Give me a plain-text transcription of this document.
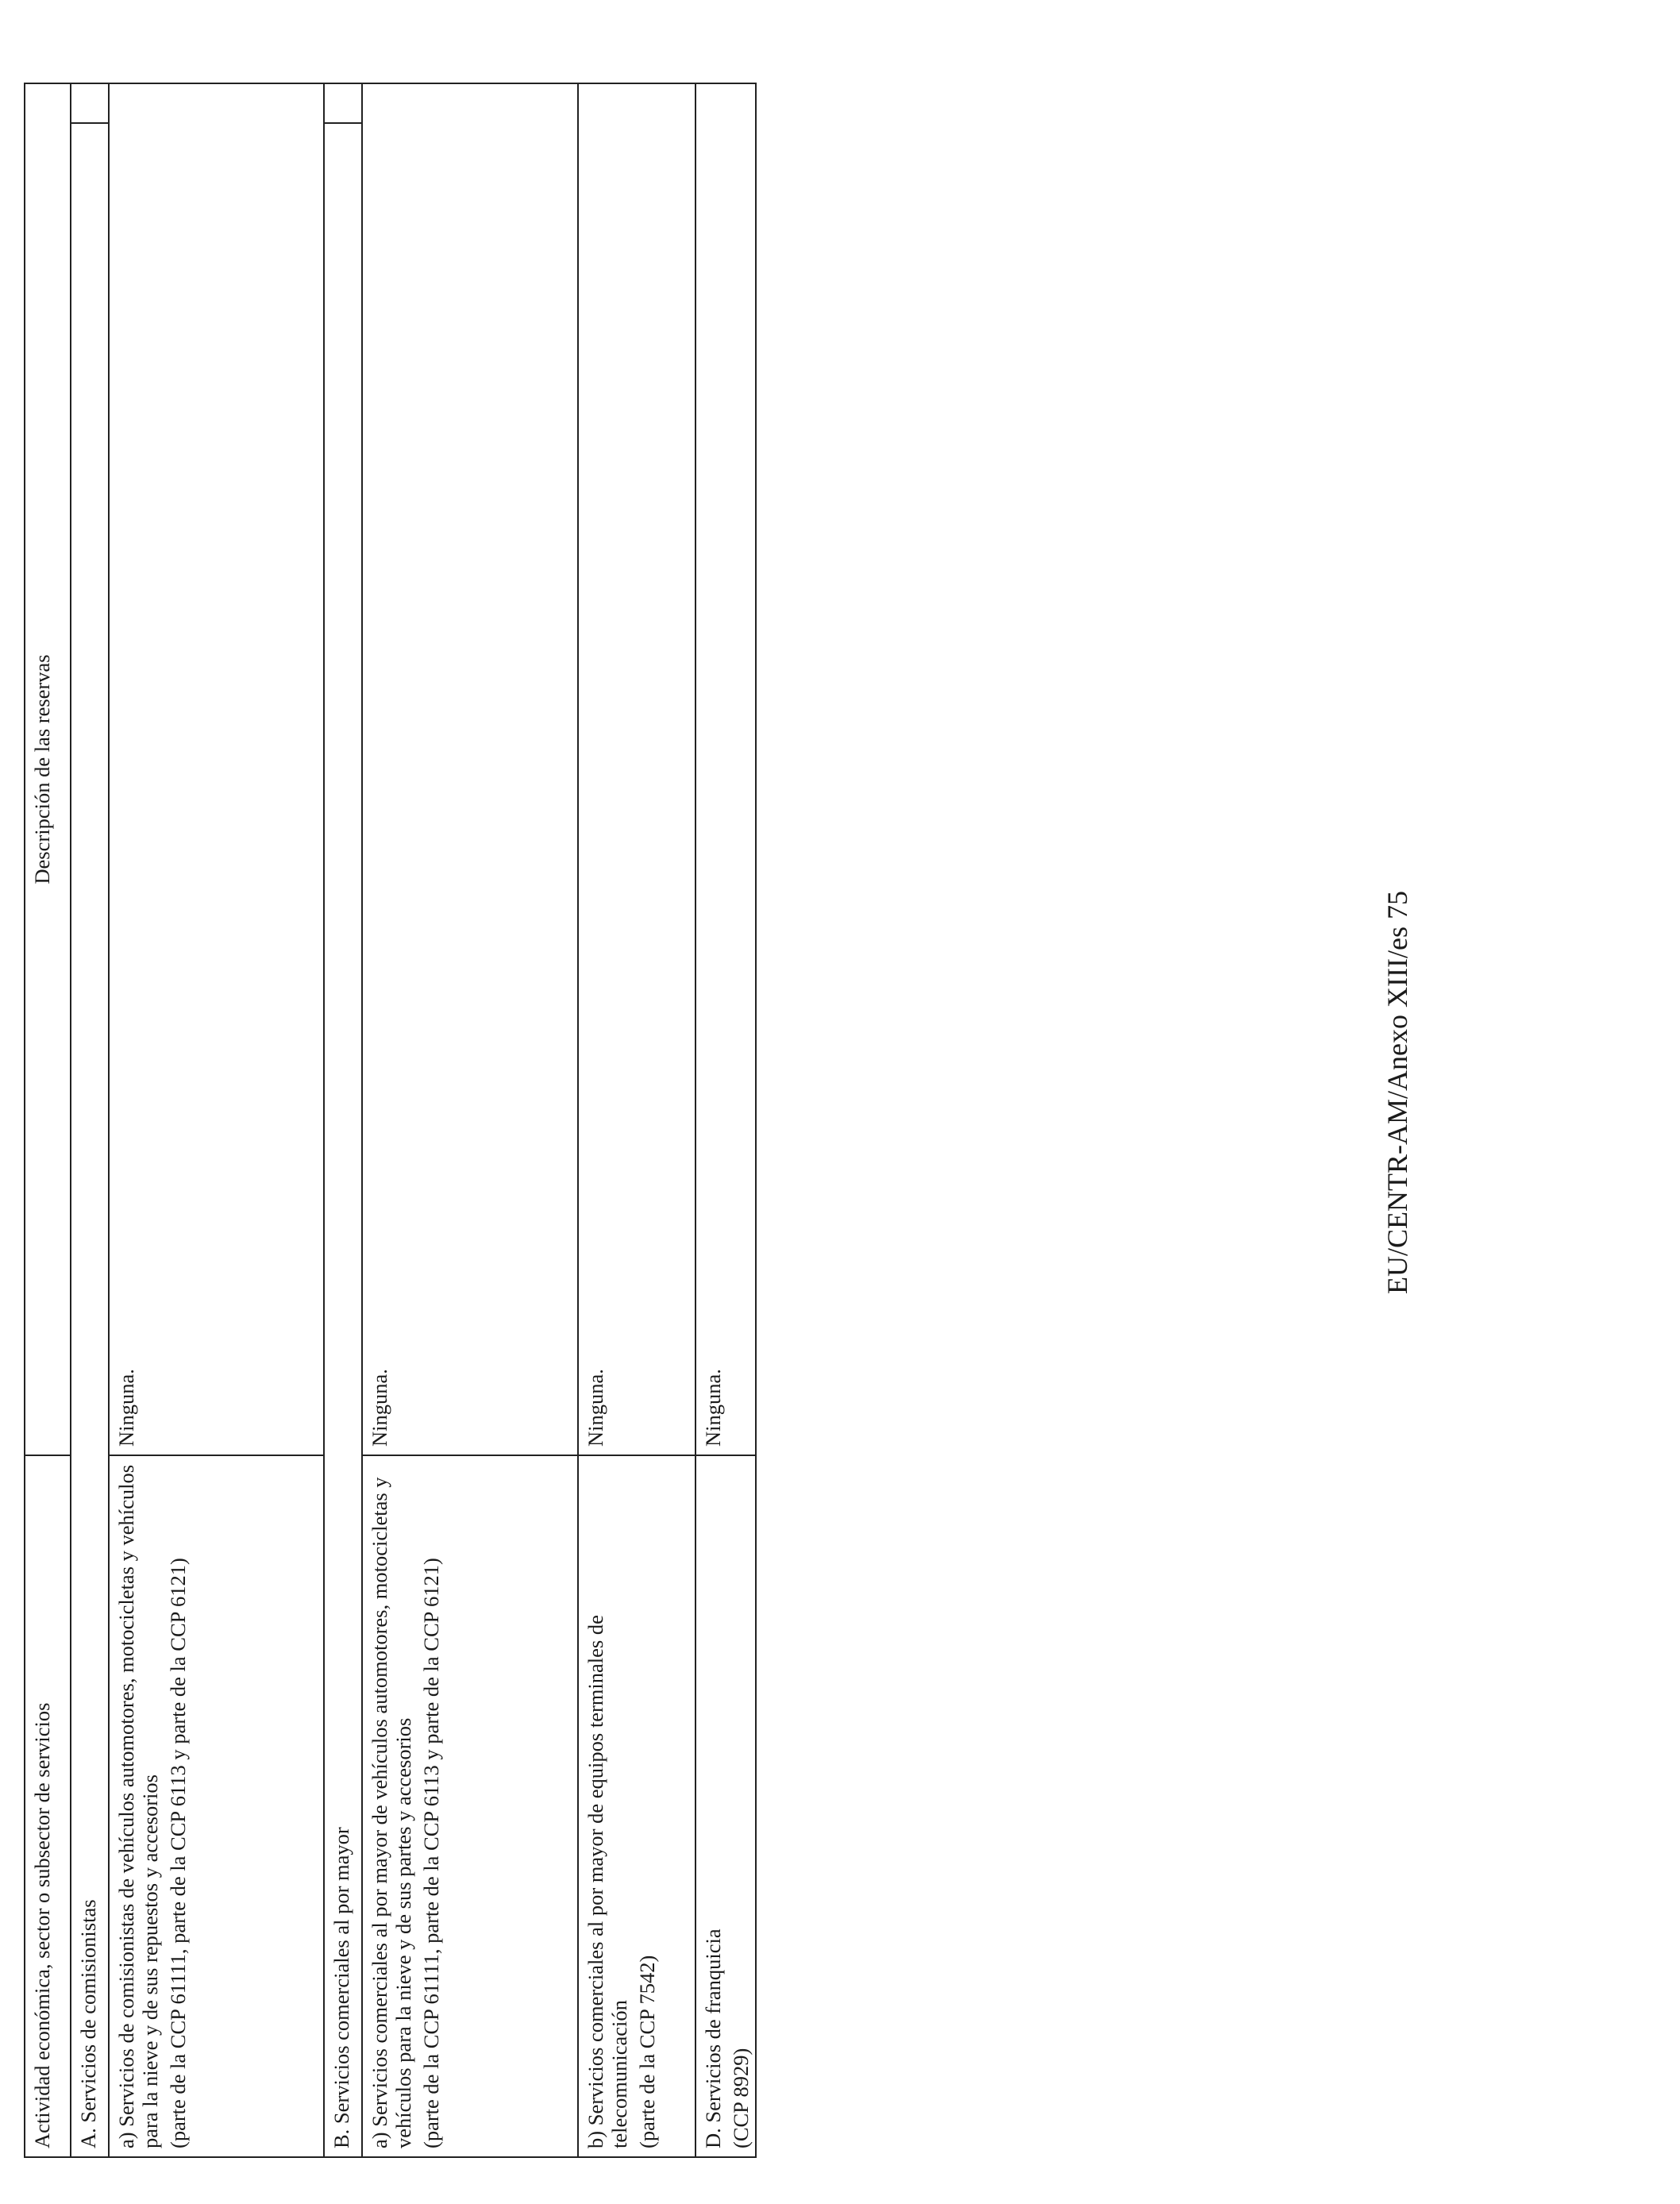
Actividad económica, sector o subsector de servicios

Descripción de las reservas

A. Servicios de comisionistas a) Servicios de comisionistas de vehículos automotores, motocicletas y vehículos para la nieve y de sus repuestos y accesorios (parte de la CCP 61111, parte de la CCP 6113 y parte de la CCP 6121)

Ninguna.

B. Servicios comerciales al por mayor a) Servicios comerciales al por mayor de vehículos automotores, motocicletas y vehículos para la nieve y de sus partes y accesorios (parte de la CCP 61111, parte de la CCP 6113 y parte de la CCP 6121)

Ninguna.

b) Servicios comerciales al por mayor de equipos terminales de telecomunicación (parte de la CCP 7542)

Ninguna.

D. Servicios de franquicia (CCP 8929)

Ninguna.

EU/CENTR-AM/Anexo XIII/es 75
